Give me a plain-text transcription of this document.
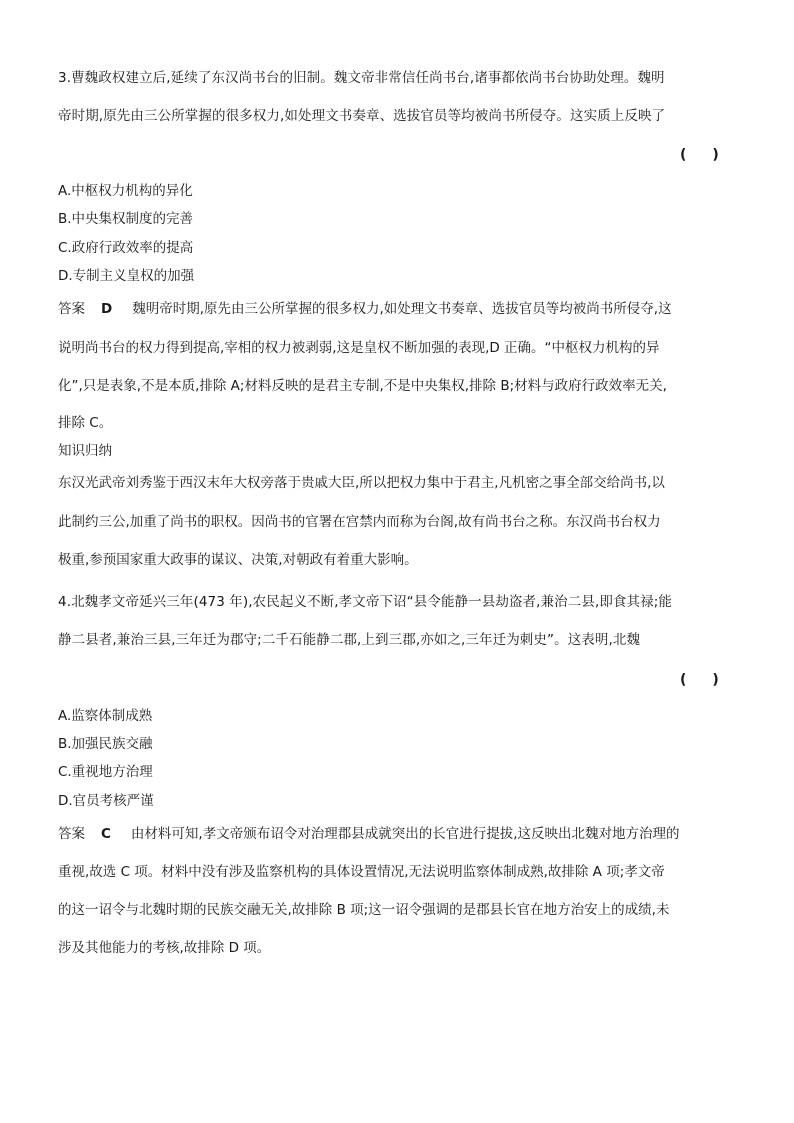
3.曹魏政权建立后,延续了东汉尚书台的旧制。魏文帝非常信任尚书台,诸事都依尚书台协助处理。魏明
帝时期,原先由三公所掌握的很多权力,如处理文书奏章、选拔官员等均被尚书所侵夺。这实质上反映了
( )
A.中枢权力机构的异化
B.中央集权制度的完善
C.政府行政效率的提高
D.专制主义皇权的加强
答案 D 魏明帝时期,原先由三公所掌握的很多权力,如处理文书奏章、选拔官员等均被尚书所侵夺,这
说明尚书台的权力得到提高,宰相的权力被剥弱,这是皇权不断加强的表现,D 正确。“中枢权力机构的异
化”,只是表象,不是本质,排除 A;材料反映的是君主专制,不是中央集权,排除 B;材料与政府行政效率无关,
排除 C。
知识归纳
东汉光武帝刘秀鉴于西汉末年大权旁落于贵戚大臣,所以把权力集中于君主,凡机密之事全部交给尚书,以
此制约三公,加重了尚书的职权。因尚书的官署在宫禁内而称为台阁,故有尚书台之称。东汉尚书台权力
极重,参预国家重大政事的谋议、决策,对朝政有着重大影响。
4.北魏孝文帝延兴三年(473 年),农民起义不断,孝文帝下诏“县令能静一县劫盗者,兼治二县,即食其禄;能
静二县者,兼治三县,三年迁为郡守;二千石能静二郡,上到三郡,亦如之,三年迁为刺史”。这表明,北魏
( )
A.监察体制成熟
B.加强民族交融
C.重视地方治理
D.官员考核严谨
答案 C 由材料可知,孝文帝颁布诏令对治理郡县成就突出的长官进行提拔,这反映出北魏对地方治理的
重视,故选 C 项。材料中没有涉及监察机构的具体设置情况,无法说明监察体制成熟,故排除 A 项;孝文帝
的这一诏令与北魏时期的民族交融无关,故排除 B 项;这一诏令强调的是郡县长官在地方治安上的成绩,未
涉及其他能力的考核,故排除 D 项。
